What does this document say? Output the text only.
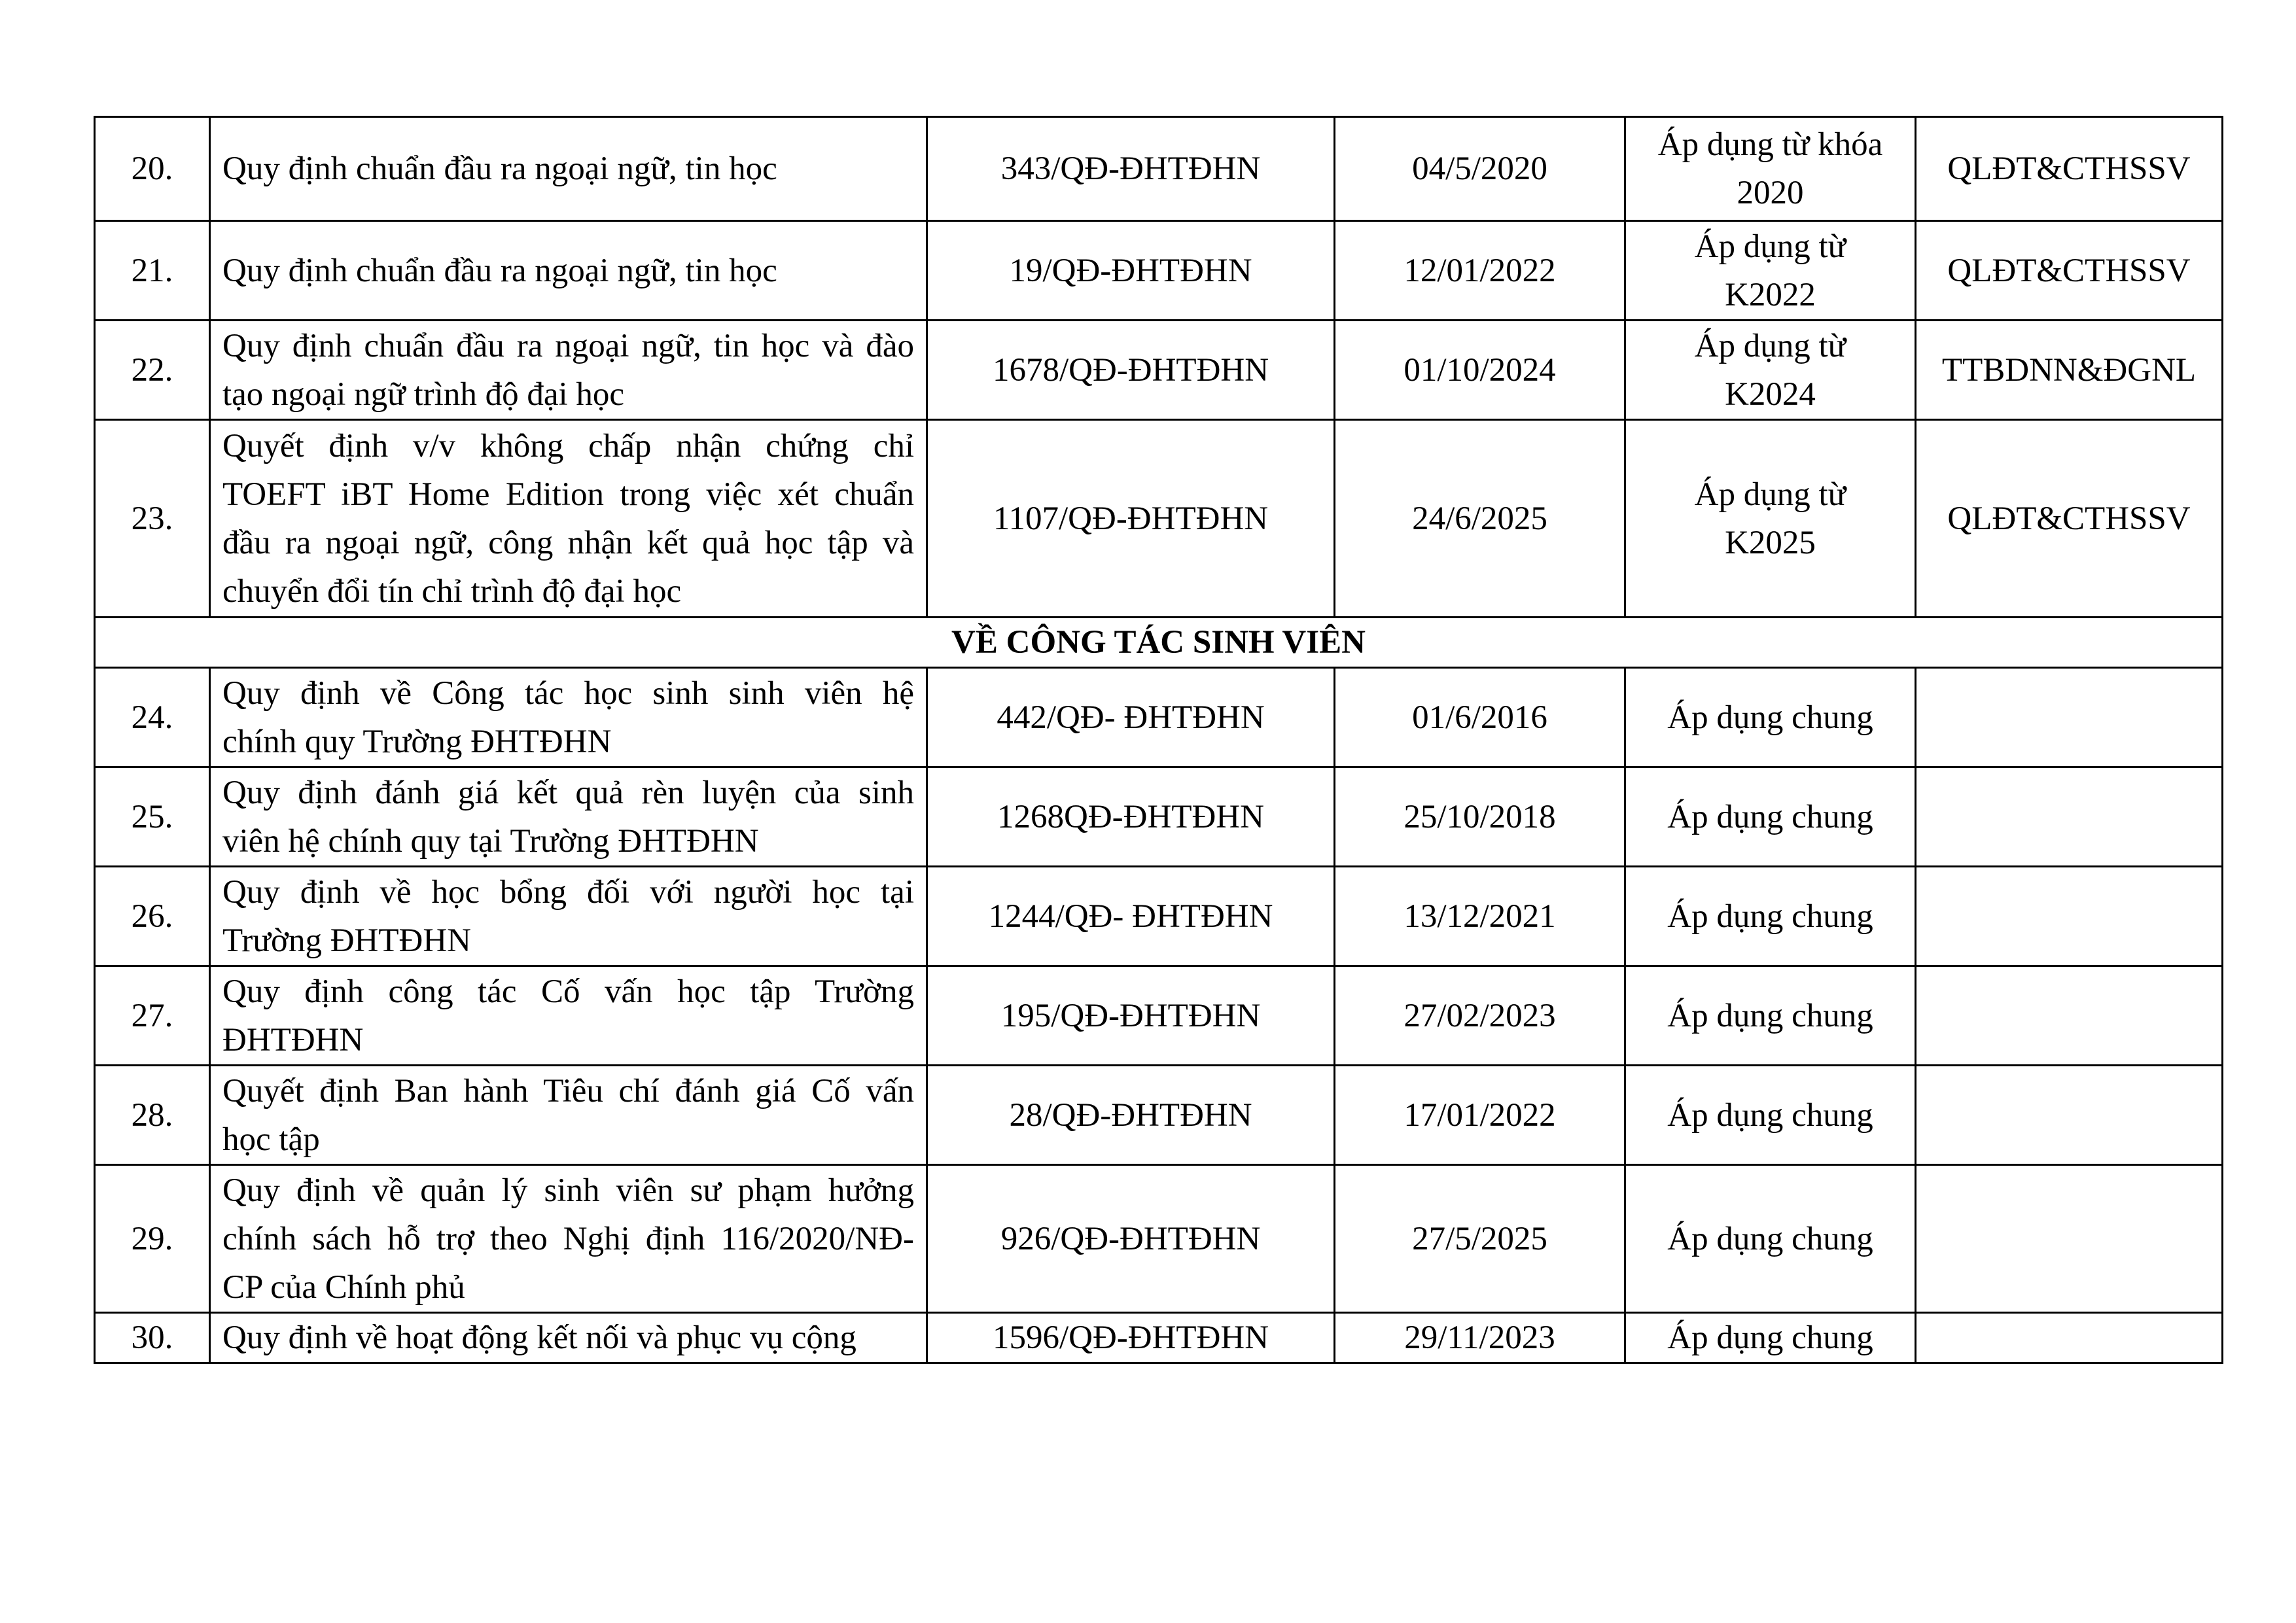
20.	Quy định chuẩn đầu ra ngoại ngữ, tin học	343/QĐ-ĐHTĐHN	04/5/2020	Áp dụng từ khóa
2020	QLĐT&CTHSSV
21.	Quy định chuẩn đầu ra ngoại ngữ, tin học	19/QĐ-ĐHTĐHN	12/01/2022	Áp dụng từ
K2022	QLĐT&CTHSSV
22.	Quy định chuẩn đầu ra ngoại ngữ, tin học và đào
tạo ngoại ngữ trình độ đại học	1678/QĐ-ĐHTĐHN	01/10/2024	Áp dụng từ
K2024	TTBDNN&ĐGNL
23.	Quyết định v/v không chấp nhận chứng chỉ
TOEFT iBT Home Edition trong việc xét chuẩn
đầu ra ngoại ngữ, công nhận kết quả học tập và
chuyển đổi tín chỉ trình độ đại học	1107/QĐ-ĐHTĐHN	24/6/2025	Áp dụng từ
K2025	QLĐT&CTHSSV
VỀ CÔNG TÁC SINH VIÊN					
24.	Quy định về Công tác học sinh sinh viên hệ
chính quy Trường ĐHTĐHN	442/QĐ- ĐHTĐHN	01/6/2016	Áp dụng chung	

25.	Quy định đánh giá kết quả rèn luyện của sinh
viên hệ chính quy tại Trường ĐHTĐHN	1268QĐ-ĐHTĐHN	25/10/2018	Áp dụng chung	

26.	Quy định về học bổng đối với người học tại
Trường ĐHTĐHN	1244/QĐ- ĐHTĐHN	13/12/2021	Áp dụng chung	

27.	Quy định công tác Cố vấn học tập Trường
ĐHTĐHN	195/QĐ-ĐHTĐHN	27/02/2023	Áp dụng chung	

28.	Quyết định Ban hành Tiêu chí đánh giá Cố vấn
học tập	28/QĐ-ĐHTĐHN	17/01/2022	Áp dụng chung	

29.	Quy định về quản lý sinh viên sư phạm hưởng
chính sách hỗ trợ theo Nghị định 116/2020/NĐ-
CP của Chính phủ	926/QĐ-ĐHTĐHN	27/5/2025	Áp dụng chung	

30.	Quy định về hoạt động kết nối và phục vụ cộng	1596/QĐ-ĐHTĐHN	29/11/2023	Áp dụng chung	
